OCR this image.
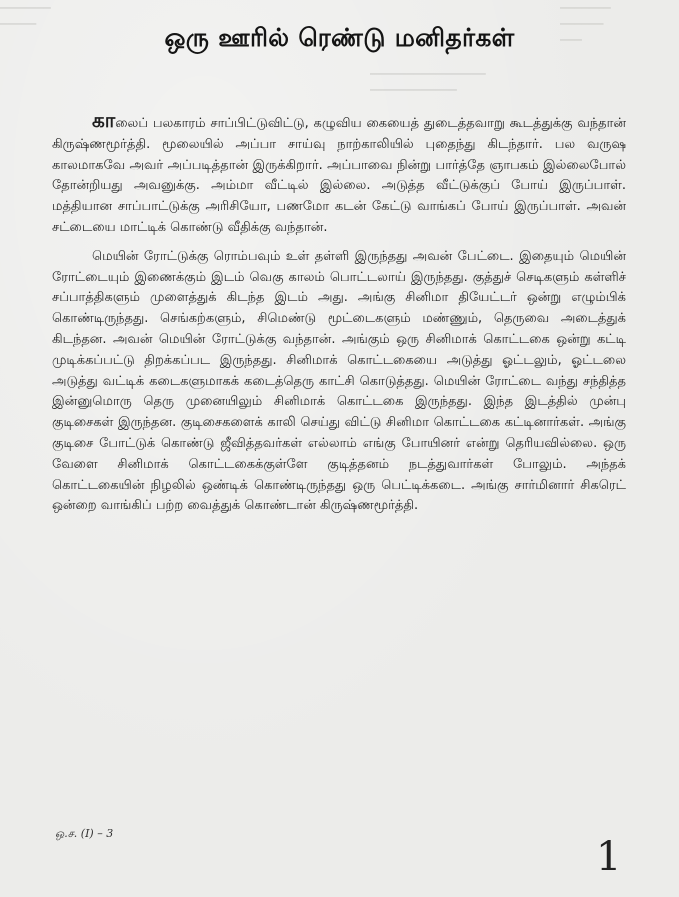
───────
─────
───────
──────
───
────────────────
────────────
ஒரு ஊரில் ரெண்டு மனிதர்கள்

காலைப் பலகாரம் சாப்பிட்டுவிட்டு, கழுவிய கையைத் துடைத்தவாறு கூடத்துக்கு வந்தான் கிருஷ்ணமூர்த்தி. மூலையில் அப்பா சாய்வு நாற்காலியில் புதைந்து கிடந்தார். பல வருஷ காலமாகவே அவர் அப்படித்தான் இருக்கிறார். அப்பாவை நின்று பார்த்தே ஞாபகம் இல்லைபோல் தோன்றியது அவனுக்கு. அம்மா வீட்டில் இல்லை. அடுத்த வீட்டுக்குப் போய் இருப்பாள். மத்தியான சாப்பாட்டுக்கு அரிசியோ, பணமோ கடன் கேட்டு வாங்கப் போய் இருப்பாள். அவன் சட்டையை மாட்டிக் கொண்டு வீதிக்கு வந்தான்.

மெயின் ரோட்டுக்கு ரொம்பவும் உள் தள்ளி இருந்தது அவன் பேட்டை. இதையும் மெயின் ரோட்டையும் இணைக்கும் இடம் வெகு காலம் பொட்டலாய் இருந்தது. குத்துச் செடிகளும் கள்ளிச் சப்பாத்திகளும் முளைத்துக் கிடந்த இடம் அது. அங்கு சினிமா தியேட்டர் ஒன்று எழும்பிக் கொண்டிருந்தது. செங்கற்களும், சிமெண்டு மூட்டைகளும் மண்ணும், தெருவை அடைத்துக் கிடந்தன. அவன் மெயின் ரோட்டுக்கு வந்தான். அங்கும் ஒரு சினிமாக் கொட்டகை ஒன்று கட்டி முடிக்கப்பட்டு திறக்கப்பட இருந்தது. சினிமாக் கொட்டகையை அடுத்து ஓட்டலும், ஓட்டலை அடுத்து வட்டிக் கடைகளுமாகக் கடைத்தெரு காட்சி கொடுத்தது. மெயின் ரோட்டை வந்து சந்தித்த இன்னுமொரு தெரு முனையிலும் சினிமாக் கொட்டகை இருந்தது. இந்த இடத்தில் முன்பு குடிசைகள் இருந்தன. குடிசைகளைக் காலி செய்து விட்டு சினிமா கொட்டகை கட்டினார்கள். அங்கு குடிசை போட்டுக் கொண்டு ஜீவித்தவர்கள் எல்லாம் எங்கு போயினர் என்று தெரியவில்லை. ஒரு வேளை சினிமாக் கொட்டகைக்குள்ளே குடித்தனம் நடத்துவார்கள் போலும். அந்தக் கொட்டகையின் நிழலில் ஒண்டிக் கொண்டிருந்தது ஒரு பெட்டிக்கடை. அங்கு சார்மினார் சிகரெட் ஒன்றை வாங்கிப் பற்ற வைத்துக் கொண்டான் கிருஷ்ணமூர்த்தி.

ஒ.ச. (I) – 3
1
